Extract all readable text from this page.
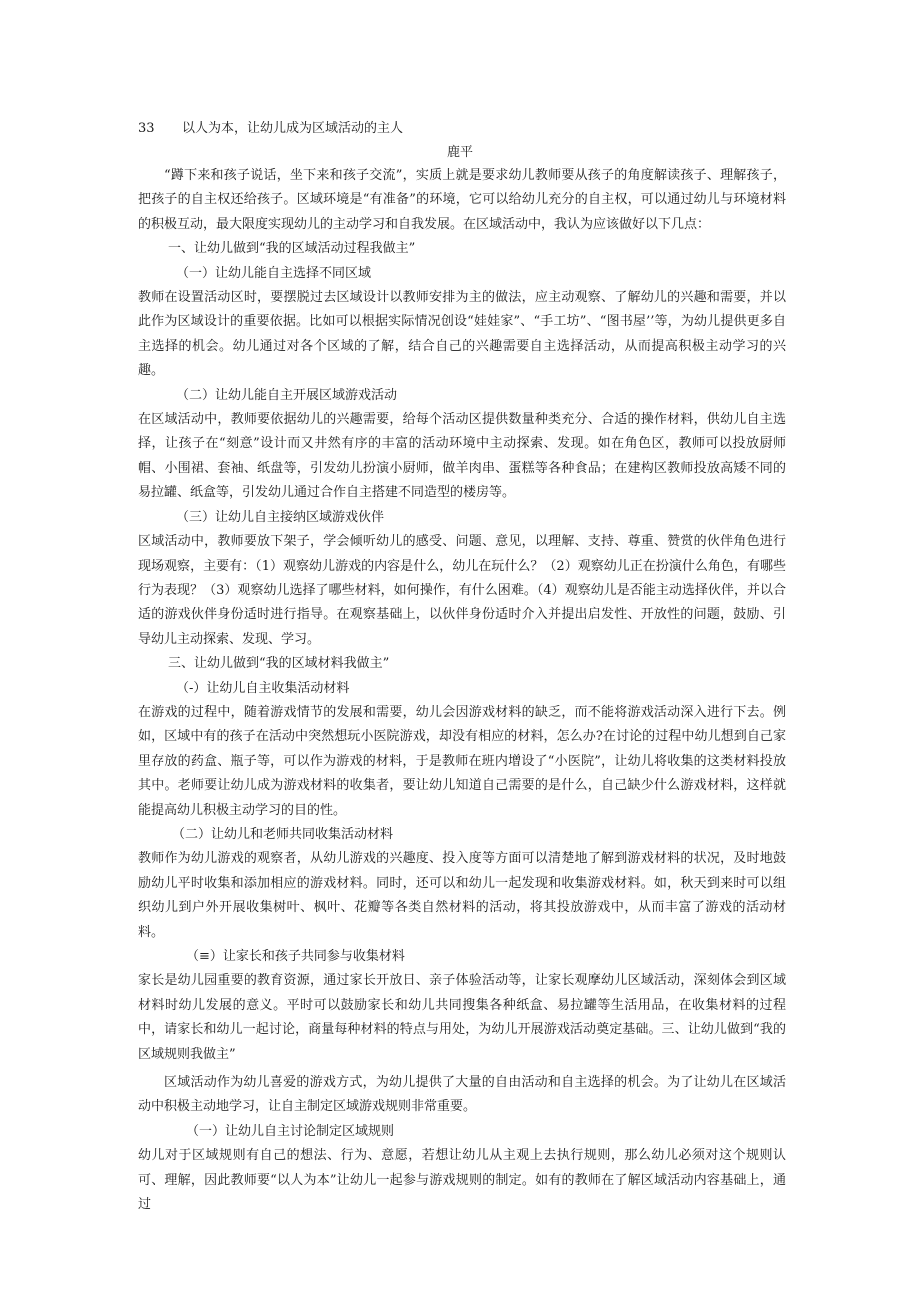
33 以人为本，让幼儿成为区域活动的主人
鹿平

“蹲下来和孩子说话，坐下来和孩子交流”，实质上就是要求幼儿教师要从孩子的角度解读孩子、理解孩子，把孩子的自主权还给孩子。区域环境是“有准备”的环境，它可以给幼儿充分的自主权，可以通过幼儿与环境材料的积极互动，最大限度实现幼儿的主动学习和自我发展。在区域活动中，我认为应该做好以下几点：

一、让幼儿做到“我的区域活动过程我做主”

（一）让幼儿能自主选择不同区域

教师在设置活动区时，要摆脱过去区域设计以教师安排为主的做法，应主动观察、了解幼儿的兴趣和需要，并以此作为区域设计的重要依据。比如可以根据实际情况创设“娃娃家”、“手工坊”、“图书屋’’等，为幼儿提供更多自主选择的机会。幼儿通过对各个区域的了解，结合自己的兴趣需要自主选择活动，从而提高积极主动学习的兴趣。

（二）让幼儿能自主开展区域游戏活动

在区域活动中，教师要依据幼儿的兴趣需要，给每个活动区提供数量种类充分、合适的操作材料，供幼儿自主选择，让孩子在“刻意”设计而又井然有序的丰富的活动环境中主动探索、发现。如在角色区，教师可以投放厨师帽、小围裙、套袖、纸盘等，引发幼儿扮演小厨师，做羊肉串、蛋糕等各种食品；在建构区教师投放高矮不同的易拉罐、纸盒等，引发幼儿通过合作自主搭建不同造型的楼房等。

（三）让幼儿自主接纳区域游戏伙伴

区域活动中，教师要放下架子，学会倾听幼儿的感受、问题、意见，以理解、支持、尊重、赞赏的伙伴角色进行现场观察，主要有：（1）观察幼儿游戏的内容是什么，幼儿在玩什么？（2）观察幼儿正在扮演什么角色，有哪些行为表现？（3）观察幼儿选择了哪些材料，如何操作，有什么困难。（4）观察幼儿是否能主动选择伙伴，并以合适的游戏伙伴身份适时进行指导。在观察基础上，以伙伴身份适时介入并提出启发性、开放性的问题，鼓励、引导幼儿主动探索、发现、学习。

三、让幼儿做到“我的区域材料我做主”

（-）让幼儿自主收集活动材料

在游戏的过程中，随着游戏情节的发展和需要，幼儿会因游戏材料的缺乏，而不能将游戏活动深入进行下去。例如，区域中有的孩子在活动中突然想玩小医院游戏，却没有相应的材料，怎么办?在讨论的过程中幼儿想到自己家里存放的药盒、瓶子等，可以作为游戏的材料，于是教师在班内增设了“小医院”，让幼儿将收集的这类材料投放其中。老师要让幼儿成为游戏材料的收集者，要让幼儿知道自己需要的是什么，自己缺少什么游戏材料，这样就能提高幼儿积极主动学习的目的性。

（二）让幼儿和老师共同收集活动材料

教师作为幼儿游戏的观察者，从幼儿游戏的兴趣度、投入度等方面可以清楚地了解到游戏材料的状况，及时地鼓励幼儿平时收集和添加相应的游戏材料。同时，还可以和幼儿一起发现和收集游戏材料。如，秋天到来时可以组织幼儿到户外开展收集树叶、枫叶、花瓣等各类自然材料的活动，将其投放游戏中，从而丰富了游戏的活动材料。

（≡）让家长和孩子共同参与收集材料

家长是幼儿园重要的教育资源，通过家长开放日、亲子体验活动等，让家长观摩幼儿区域活动，深刻体会到区域材料时幼儿发展的意义。平时可以鼓励家长和幼儿共同搜集各种纸盒、易拉罐等生活用品，在收集材料的过程中，请家长和幼儿一起讨论，商量每种材料的特点与用处，为幼儿开展游戏活动奠定基础。三、让幼儿做到“我的区域规则我做主”

区域活动作为幼儿喜爱的游戏方式，为幼儿提供了大量的自由活动和自主选择的机会。为了让幼儿在区域活动中积极主动地学习，让自主制定区域游戏规则非常重要。

（一）让幼儿自主讨论制定区域规则

幼儿对于区域规则有自己的想法、行为、意愿，若想让幼儿从主观上去执行规则，那么幼儿必须对这个规则认可、理解，因此教师要“以人为本”让幼儿一起参与游戏规则的制定。如有的教师在了解区域活动内容基础上，通过
